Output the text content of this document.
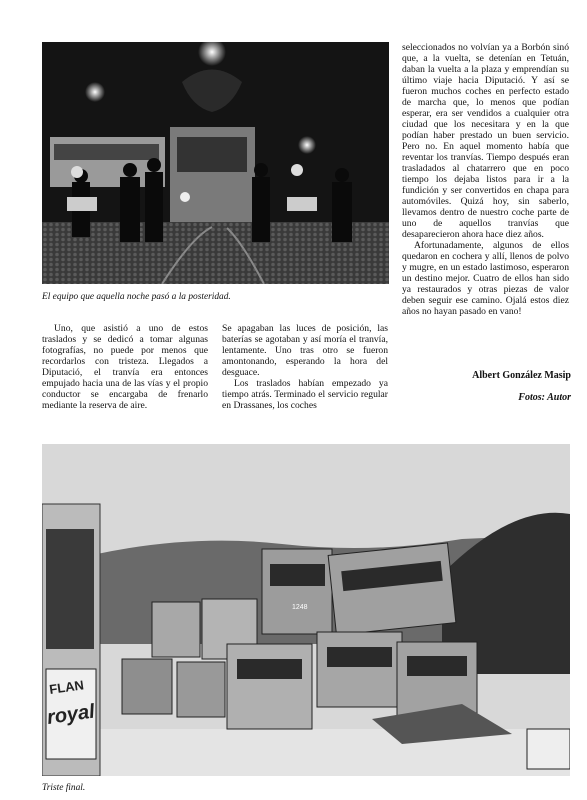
El equipo que aquella noche pasó a la posteridad.

Uno, que asistió a uno de estos traslados y se dedicó a tomar algunas fotografías, no puede por menos que recordarlos con tristeza. Llegados a Diputació, el tranvía era entonces empujado hacia una de las vías y el propio conductor se encargaba de frenarlo mediante la reserva de aire.

Se apagaban las luces de posición, las baterías se agotaban y así moría el tranvía, lentamente. Uno tras otro se fueron amontonando, esperando la hora del desguace.

Los traslados habían empezado ya tiempo atrás. Terminado el servicio regular en Drassanes, los coches

seleccionados no volvían ya a Borbón sinó que, a la vuelta, se detenían en Tetuán, daban la vuelta a la plaza y emprendían su último viaje hacia Diputació. Y así se fueron muchos coches en perfecto estado de marcha que, lo menos que podían esperar, era ser vendidos a cualquier otra ciudad que los necesitara y en la que podían haber prestado un buen servicio. Pero no. En aquel momento había que reventar los tranvías. Tiempo después eran trasladados al chatarrero que en poco tiempo los dejaba listos para ir a la fundición y ser convertidos en chapa para automóviles. Quizá hoy, sin saberlo, llevamos dentro de nuestro coche parte de uno de aquellos tranvías que desaparecieron ahora hace diez años.

Afortunadamente, algunos de ellos quedaron en cochera y allí, llenos de polvo y mugre, en un estado lastimoso, esperaron un destino mejor. Cuatro de ellos han sido ya restaurados y otras piezas de valor deben seguir ese camino. Ojalá estos diez años no hayan pasado en vano!

Albert González Masip
Fotos: Autor
FLAN
royal
1248
Triste final.
